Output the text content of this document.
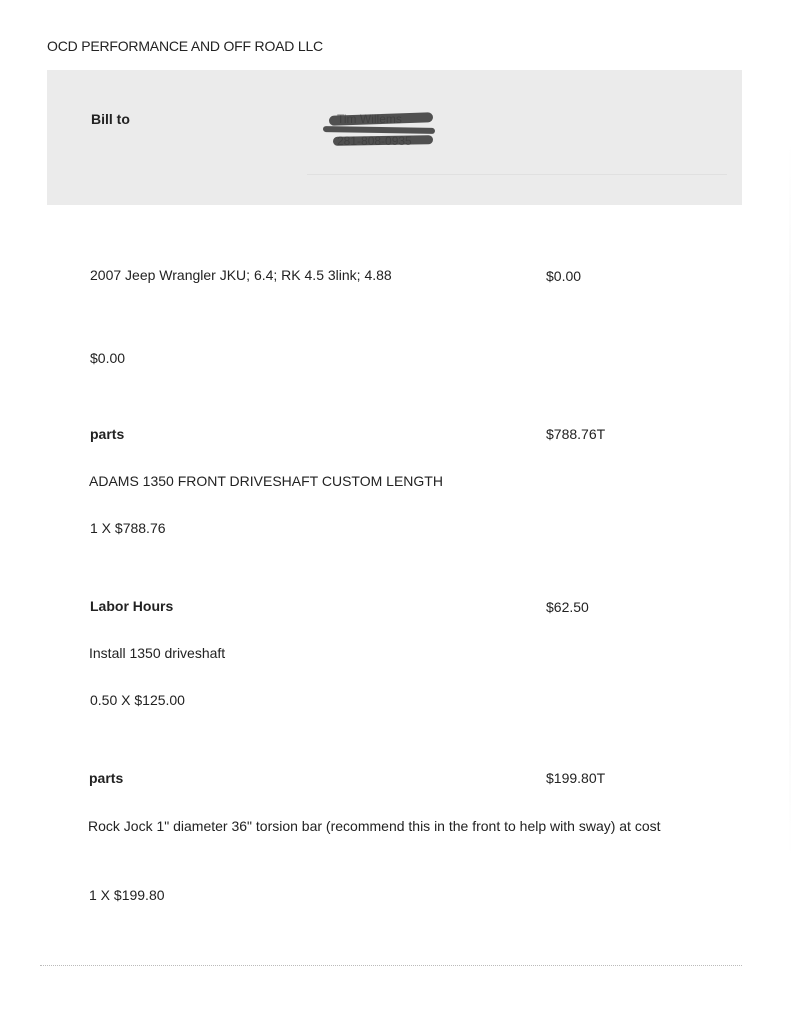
OCD PERFORMANCE AND OFF ROAD LLC
Bill to
2007 Jeep Wrangler JKU; 6.4; RK 4.5 3link; 4.88	$0.00
$0.00
parts	$788.76T
ADAMS 1350 FRONT DRIVESHAFT CUSTOM LENGTH
1 X $788.76
Labor Hours	$62.50
Install 1350 driveshaft
0.50 X $125.00
parts	$199.80T
Rock Jock 1" diameter 36" torsion bar (recommend this in the front to help with sway) at cost
1 X $199.80
